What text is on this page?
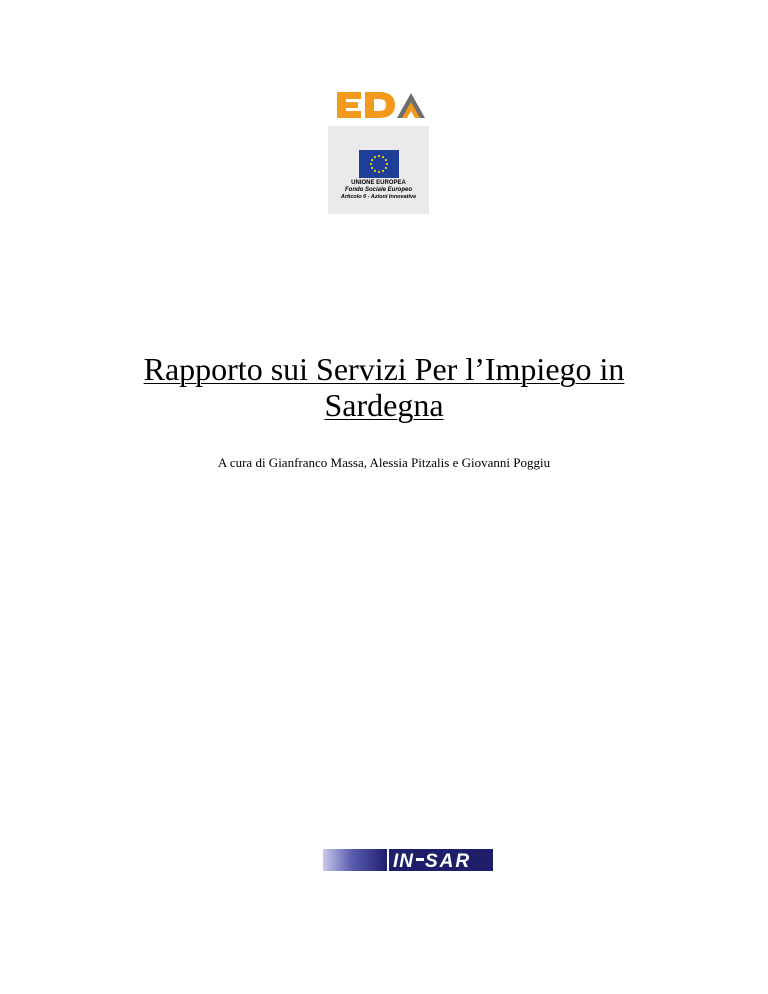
UNIONE EUROPEA
Fondo Sociale Europeo
Articolo 6 - Azioni Innovative
Rapporto sui Servizi Per l’Impiego in Sardegna
A cura di Gianfranco Massa, Alessia Pitzalis e Giovanni Poggiu
IN SAR
